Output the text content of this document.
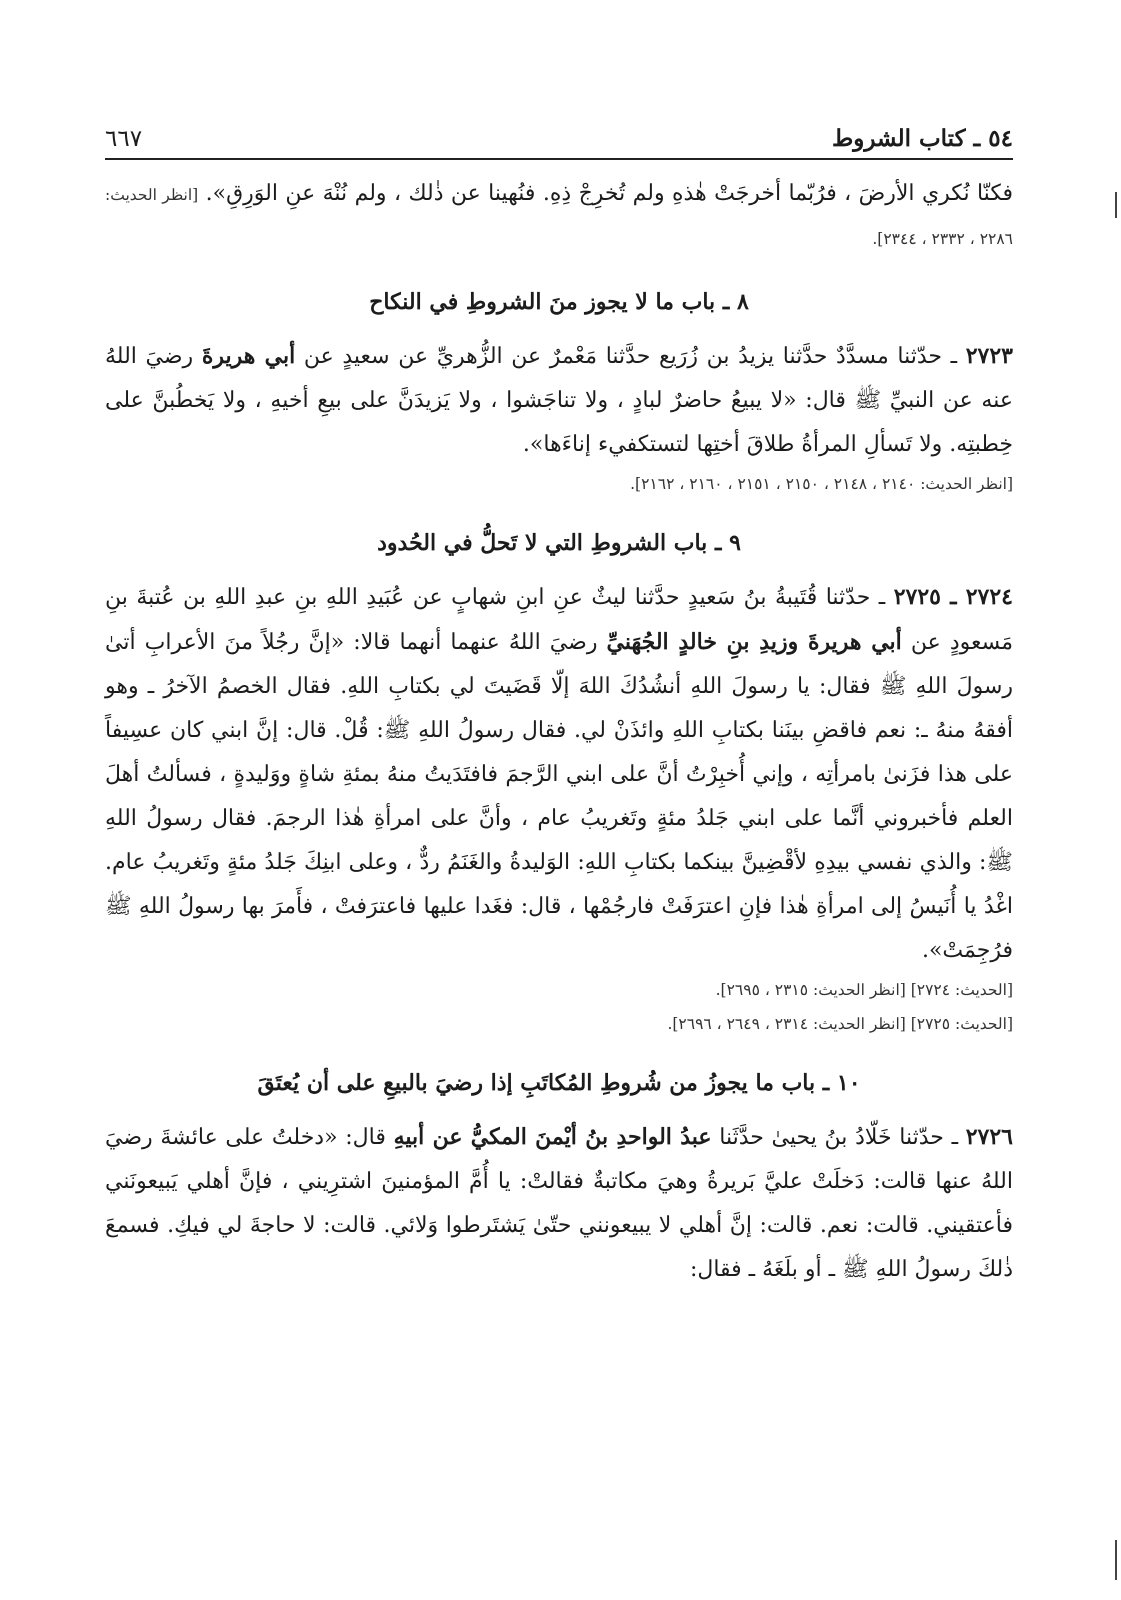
٥٤ ـ كتاب الشروط
٦٦٧

فكنّا نُكري الأرضَ ، فرُبّما أخرجَتْ هٰذهِ ولم تُخرِجْ ذِهِ. فنُهينا عن ذٰلك ، ولم نُنْهَ عنِ الوَرِقِ». [انظر الحديث: ٢٢٨٦ ، ٢٣٣٢ ، ٢٣٤٤].

٨ ـ باب ما لا يجوز منَ الشروطِ في النكاح

٢٧٢٣ ـ حدّثنا مسدَّدٌ حدَّثنا يزيدُ بن زُرَيع حدَّثنا مَعْمرٌ عن الزُّهريِّ عن سعيدٍ عن أبي هريرةَ رضيَ اللهُ عنه عن النبيِّ ﷺ قال: «لا يبيعُ حاضرٌ لبادٍ ، ولا تناجَشوا ، ولا يَزيدَنَّ على بيعِ أخيهِ ، ولا يَخطُبنَّ على خِطبتِه. ولا تَسألِ المرأةُ طلاقَ أختِها لتستكفيء إناءَها».

[انظر الحديث: ٢١٤٠ ، ٢١٤٨ ، ٢١٥٠ ، ٢١٥١ ، ٢١٦٠ ، ٢١٦٢].

٩ ـ باب الشروطِ التي لا تَحلُّ في الحُدود

٢٧٢٤ ـ ٢٧٢٥ ـ حدّثنا قُتَيبةُ بنُ سَعيدٍ حدَّثنا ليثٌ عنِ ابنِ شهابٍ عن عُبَيدِ اللهِ بنِ عبدِ اللهِ بن عُتبةَ بنِ مَسعودٍ عن أبي هريرةَ وزيدِ بنِ خالدٍ الجُهَنيِّ رضيَ اللهُ عنهما أنهما قالا: «إنَّ رجُلاً منَ الأعرابِ أتىٰ رسولَ اللهِ ﷺ فقال: يا رسولَ اللهِ أنشُدُكَ اللهَ إلّا قَضَيتَ لي بكتابِ اللهِ. فقال الخصمُ الآخرُ ـ وهو أفقهُ منهُ ـ: نعم فاقضِ بينَنا بكتابِ اللهِ وائذَنْ لي. فقال رسولُ اللهِ ﷺ: قُلْ. قال: إنَّ ابني كان عسِيفاً على هذا فزَنىٰ بامرأتِه ، وإني أُخبِرْتُ أنَّ على ابني الرَّجمَ فافتَدَيتُ منهُ بمئةِ شاةٍ ووَليدةٍ ، فسألتُ أهلَ العلم فأخبروني أنَّما على ابني جَلدُ مئةٍ وتَغريبُ عام ، وأنَّ على امرأةِ هٰذا الرجمَ. فقال رسولُ اللهِ ﷺ: والذي نفسي بيدِهِ لأقْضِينَّ بينكما بكتابِ اللهِ: الوَليدةُ والغَنَمُ ردٌّ ، وعلى ابنِكَ جَلدُ مئةٍ وتَغريبُ عام. اغْدُ يا أُنَيسُ إلى امرأةِ هٰذا فإنِ اعترَفَتْ فارجُمْها ، قال: فغَدا عليها فاعترَفتْ ، فأَمرَ بها رسولُ اللهِ ﷺ فرُجِمَتْ».

[الحديث: ٢٧٢٤] [انظر الحديث: ٢٣١٥ ، ٢٦٩٥].

[الحديث: ٢٧٢٥] [انظر الحديث: ٢٣١٤ ، ٢٦٤٩ ، ٢٦٩٦].

١٠ ـ باب ما يجوزُ من شُروطِ المُكاتَبِ إذا رضيَ بالبيعِ على أن يُعتَقَ

٢٧٢٦ ـ حدّثنا خَلّادُ بنُ يحيىٰ حدَّثَنا عبدُ الواحدِ بنُ أيْمنَ المكيُّ عن أبيهِ قال: «دخلتُ على عائشةَ رضيَ اللهُ عنها قالت: دَخلَتْ عليَّ بَريرةُ وهيَ مكاتبةٌ فقالتْ: يا أُمَّ المؤمنينَ اشترِيني ، فإنَّ أهلي يَبيعونَني فأعتقيني. قالت: نعم. قالت: إنَّ أهلي لا يبيعونني حتّىٰ يَشتَرطوا وَلائي. قالت: لا حاجةَ لي فيكِ. فسمعَ ذٰلكَ رسولُ اللهِ ﷺ ـ أو بلَغَهُ ـ فقال:
